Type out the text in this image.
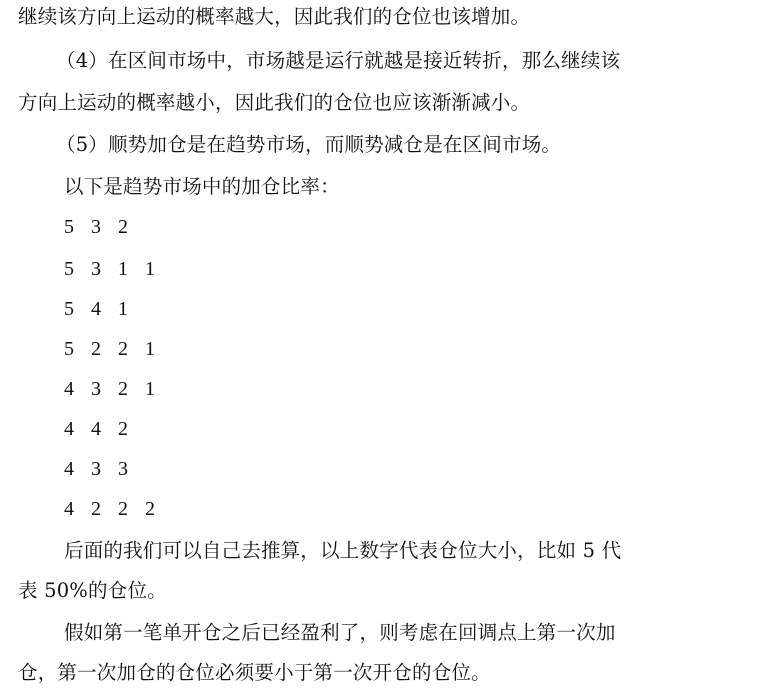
继续该方向上运动的概率越大，因此我们的仓位也该增加。
（4）在区间市场中，市场越是运行就越是接近转折，那么继续该
方向上运动的概率越小，因此我们的仓位也应该渐渐减小。
（5）顺势加仓是在趋势市场，而顺势减仓是在区间市场。
以下是趋势市场中的加仓比率：
5 3 2
5 3 1 1
5 4 1
5 2 2 1
4 3 2 1
4 4 2
4 3 3
4 2 2 2
后面的我们可以自己去推算，以上数字代表仓位大小，比如 5 代
表 50%的仓位。
假如第一笔单开仓之后已经盈利了，则考虑在回调点上第一次加
仓，第一次加仓的仓位必须要小于第一次开仓的仓位。
